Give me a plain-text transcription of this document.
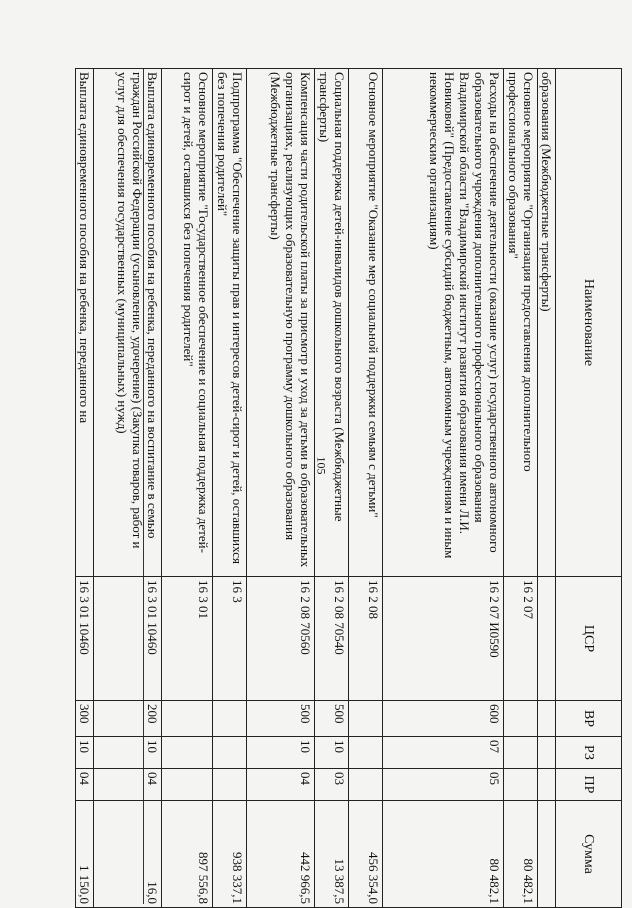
105
Наименование	ЦСР	ВР	РЗ	ПР	Сумма
образования (Межбюджетные трансферты)					
Основное мероприятие "Организация предоставления дополнительного профессионального образования"	16 2 07				80 482,1
Расходы на обеспечение деятельности (оказание услуг) государственного автономного образовательного учреждения дополнительного профессионального образования Владимирской области "Владимирский институт развития образования имени Л.И. Новиковой" (Предоставление субсидий бюджетным, автономным учреждениям и иным некоммерческим организациям)	16 2 07 И0590	600	07	05	80 482,1
Основное мероприятие "Оказание мер социальной поддержки семьям с детьми"	16 2 08				456 354,0
Социальная поддержка детей-инвалидов дошкольного возраста (Межбюджетные трансферты)	16 2 08 70540	500	10	03	13 387,5
Компенсация части родительской платы за присмотр и уход за детьми в образовательных организациях, реализующих образовательную программу дошкольного образования (Межбюджетные трансферты)	16 2 08 70560	500	10	04	442 966,5
Подпрограмма "Обеспечение защиты прав и интересов детей-сирот и детей, оставшихся без попечения родителей"	16 3				938 337,1
Основное мероприятие "Государственное обеспечение и социальная поддержка детей-сирот и детей, оставшихся без попечения родителей"	16 3 01				897 556,8
Выплата единовременного пособия на ребенка, переданного на воспитание в семью граждан Российской Федерации (усыновление, удочерение) (Закупка товаров, работ и услуг для обеспечения государственных (муниципальных) нужд)	16 3 01 10460	200	10	04	16,0
Выплата единовременного пособия на ребенка, переданного на	16 3 01 10460	300	10	04	1 150,0
